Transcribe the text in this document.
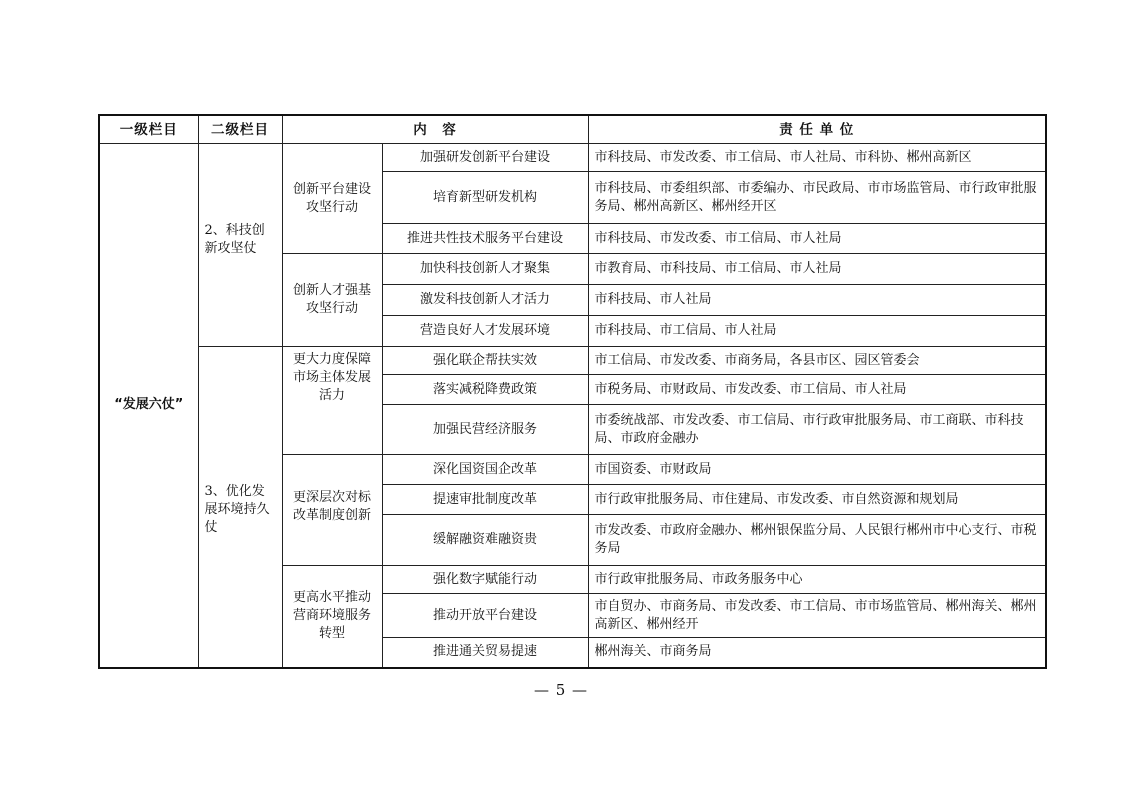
一级栏目	二级栏目	内　容		责 任 单 位
“发展六仗”	2、科技创新攻坚仗	创新平台建设攻坚行动	加强研发创新平台建设	市科技局、市发改委、市工信局、市人社局、市科协、郴州高新区
			培育新型研发机构	市科技局、市委组织部、市委编办、市民政局、市市场监管局、市行政审批服务局、郴州高新区、郴州经开区
			推进共性技术服务平台建设	市科技局、市发改委、市工信局、市人社局
		创新人才强基攻坚行动	加快科技创新人才聚集	市教育局、市科技局、市工信局、市人社局
			激发科技创新人才活力	市科技局、市人社局
			营造良好人才发展环境	市科技局、市工信局、市人社局
	3、优化发展环境持久仗	更大力度保障市场主体发展活力	强化联企帮扶实效	市工信局、市发改委、市商务局，各县市区、园区管委会
			落实减税降费政策	市税务局、市财政局、市发改委、市工信局、市人社局
			加强民营经济服务	市委统战部、市发改委、市工信局、市行政审批服务局、市工商联、市科技局、市政府金融办
		更深层次对标改革制度创新	深化国资国企改革	市国资委、市财政局
			提速审批制度改革	市行政审批服务局、市住建局、市发改委、市自然资源和规划局
			缓解融资难融资贵	市发改委、市政府金融办、郴州银保监分局、人民银行郴州市中心支行、市税务局
		更高水平推动营商环境服务转型	强化数字赋能行动	市行政审批服务局、市政务服务中心
			推动开放平台建设	市自贸办、市商务局、市发改委、市工信局、市市场监管局、郴州海关、郴州高新区、郴州经开
			推进通关贸易提速	郴州海关、市商务局
— 5 —
